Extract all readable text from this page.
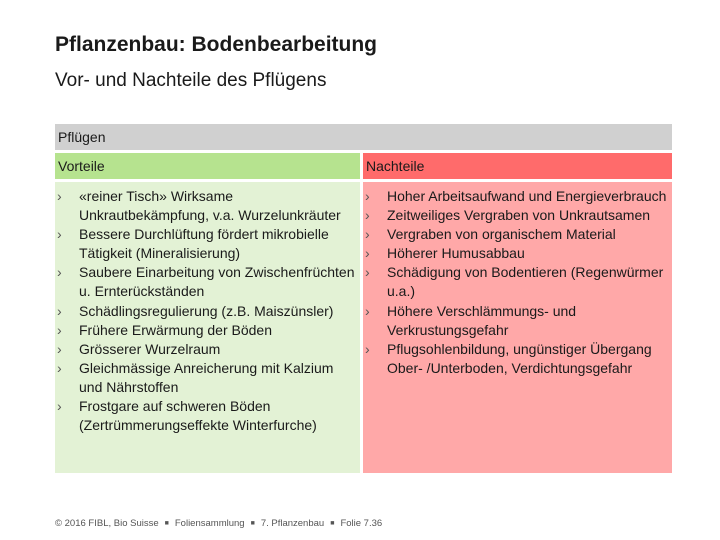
Pflanzenbau: Bodenbearbeitung
Vor- und Nachteile des Pflügens
Pflügen
Vorteile
› «reiner Tisch» Wirksame Unkrautbekämpfung, v.a. Wurzelunkräuter
› Bessere Durchlüftung fördert mikrobielle Tätigkeit (Mineralisierung)
› Saubere Einarbeitung von Zwischenfrüchten u. Ernterückständen
› Schädlingsregulierung (z.B. Maiszünsler)
› Frühere Erwärmung der Böden
› Grösserer Wurzelraum
› Gleichmässige Anreicherung mit Kalzium und Nährstoffen
› Frostgare auf schweren Böden (Zertrümmerungseffekte Winterfurche)
Nachteile
› Hoher Arbeitsaufwand und Energieverbrauch
› Zeitweiliges Vergraben von Unkrautsamen
› Vergraben von organischem Material
› Höherer Humusabbau
› Schädigung von Bodentieren (Regenwürmer u.a.)
› Höhere Verschlämmungs- und Verkrustungsgefahr
› Pflugsohlenbildung, ungünstiger Übergang Ober- /Unterboden, Verdichtungsgefahr
© 2016 FIBL, Bio Suisse ■ Foliensammlung ■ 7. Pflanzenbau ■ Folie 7.36
